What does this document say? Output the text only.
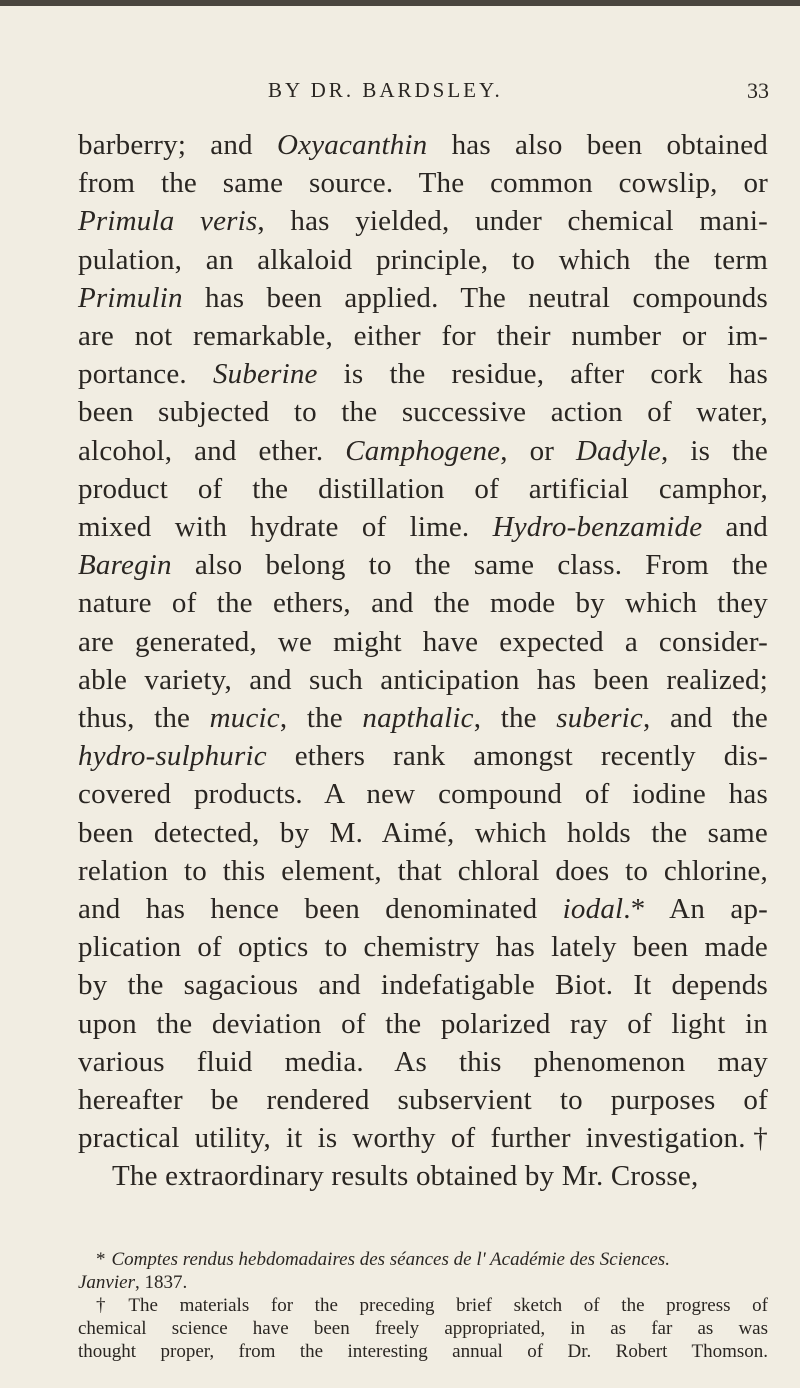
BY DR. BARDSLEY.	33

barberry; and Oxyacanthin has also been obtained
from the same source. The common cowslip, or
Primula veris, has yielded, under chemical mani-
pulation, an alkaloid principle, to which the term
Primulin has been applied. The neutral compounds
are not remarkable, either for their number or im-
portance. Suberine is the residue, after cork has
been subjected to the successive action of water,
alcohol, and ether. Camphogene, or Dadyle, is the
product of the distillation of artificial camphor,
mixed with hydrate of lime. Hydro-benzamide and
Baregin also belong to the same class. From the
nature of the ethers, and the mode by which they
are generated, we might have expected a consider-
able variety, and such anticipation has been realized;
thus, the mucic, the napthalic, the suberic, and the
hydro-sulphuric ethers rank amongst recently dis-
covered products. A new compound of iodine has
been detected, by M. Aimé, which holds the same
relation to this element, that chloral does to chlorine,
and has hence been denominated iodal.* An ap-
plication of optics to chemistry has lately been made
by the sagacious and indefatigable Biot. It depends
upon the deviation of the polarized ray of light in
various fluid media. As this phenomenon may
hereafter be rendered subservient to purposes of
practical utility, it is worthy of further investigation.†
The extraordinary results obtained by Mr. Crosse,

* Comptes rendus hebdomadaires des séances de l' Académie des Sciences.
Janvier, 1837.
† The materials for the preceding brief sketch of the progress of
chemical science have been freely appropriated, in as far as was
thought proper, from the interesting annual of Dr. Robert Thomson.
